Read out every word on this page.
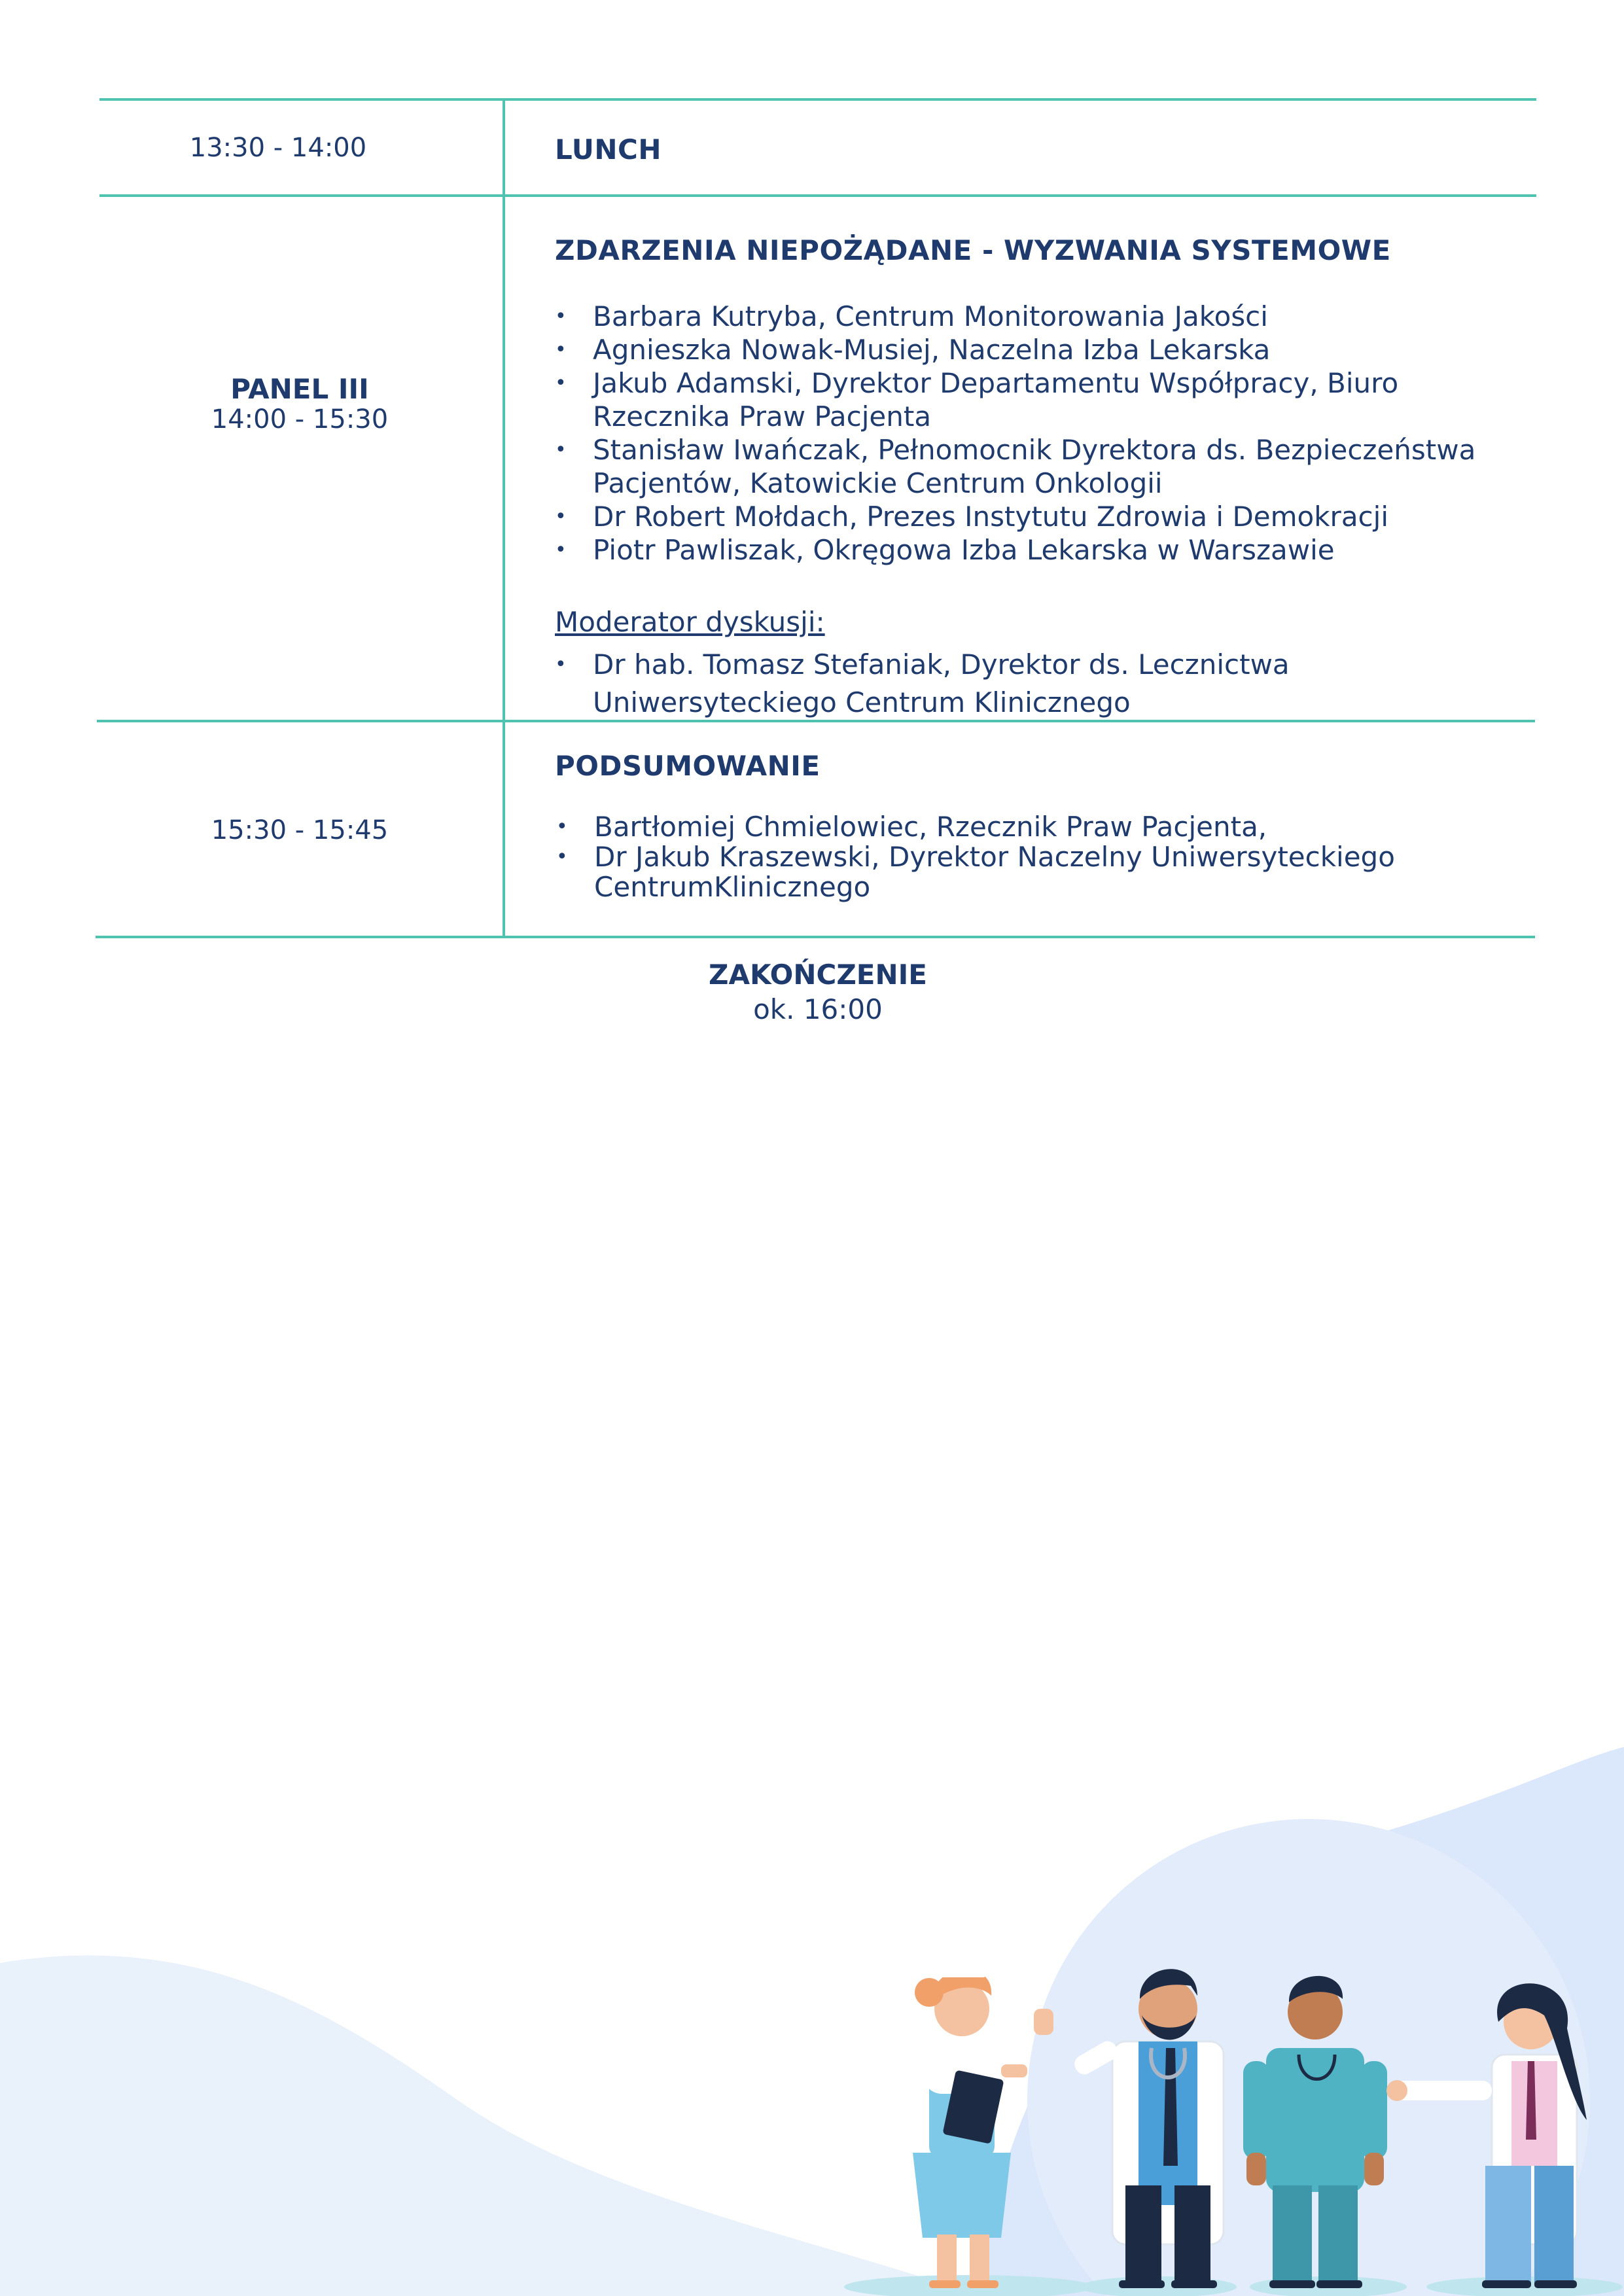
13:30 - 14:00	LUNCH
PANEL III
14:00 - 15:30
ZDARZENIA NIEPOŻĄDANE - WYZWANIA SYSTEMOWE
• Barbara Kutryba, Centrum Monitorowania Jakości
• Agnieszka Nowak-Musiej, Naczelna Izba Lekarska
• Jakub Adamski, Dyrektor Departamentu Współpracy, Biuro Rzecznika Praw Pacjenta
• Stanisław Iwańczak, Pełnomocnik Dyrektora ds. Bezpieczeństwa Pacjentów, Katowickie Centrum Onkologii
• Dr Robert Mołdach, Prezes Instytutu Zdrowia i Demokracji
• Piotr Pawliszak, Okręgowa Izba Lekarska w Warszawie
Moderator dyskusji:
• Dr hab. Tomasz Stefaniak, Dyrektor ds. Lecznictwa Uniwersyteckiego Centrum Klinicznego
15:30 - 15:45
PODSUMOWANIE
• Bartłomiej Chmielowiec, Rzecznik Praw Pacjenta,
• Dr Jakub Kraszewski, Dyrektor Naczelny Uniwersyteckiego CentrumKlinicznego
ZAKOŃCZENIE
ok. 16:00
